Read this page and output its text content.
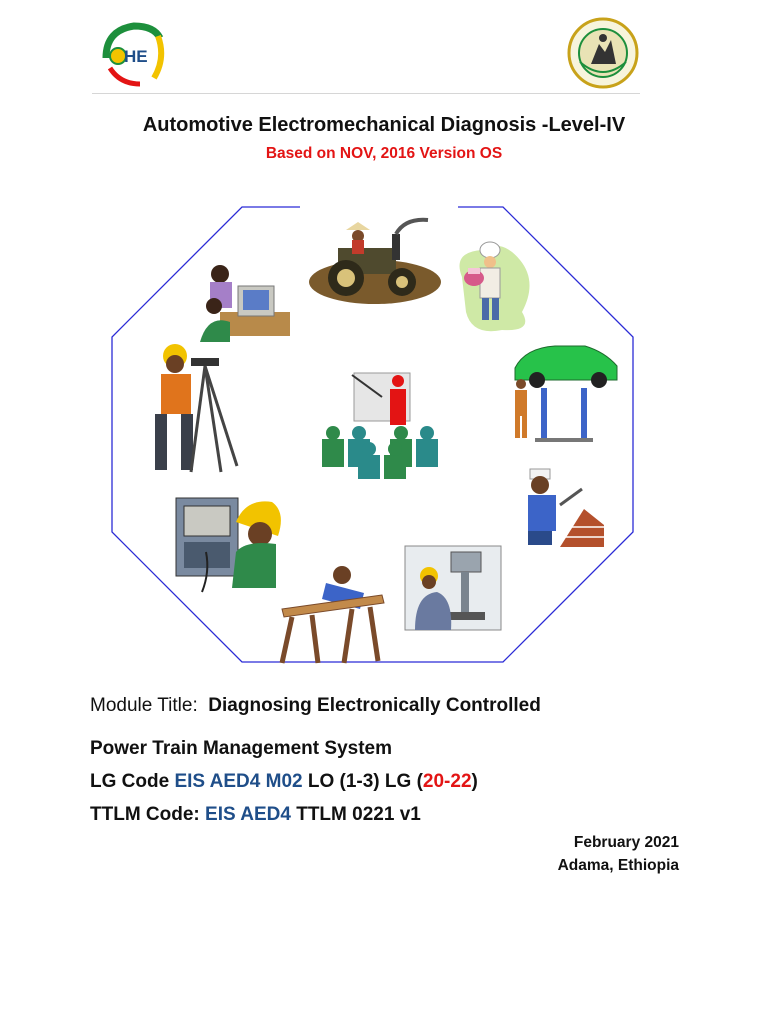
HE
Automotive Electromechanical Diagnosis -Level-IV
Based on NOV, 2016 Version OS
Module Title: Diagnosing Electronically Controlled
Power Train Management System
LG Code EIS AED4 M02 LO (1-3) LG (20-22)
TTLM Code: EIS AED4 TTLM 0221 v1
February 2021
Adama, Ethiopia
